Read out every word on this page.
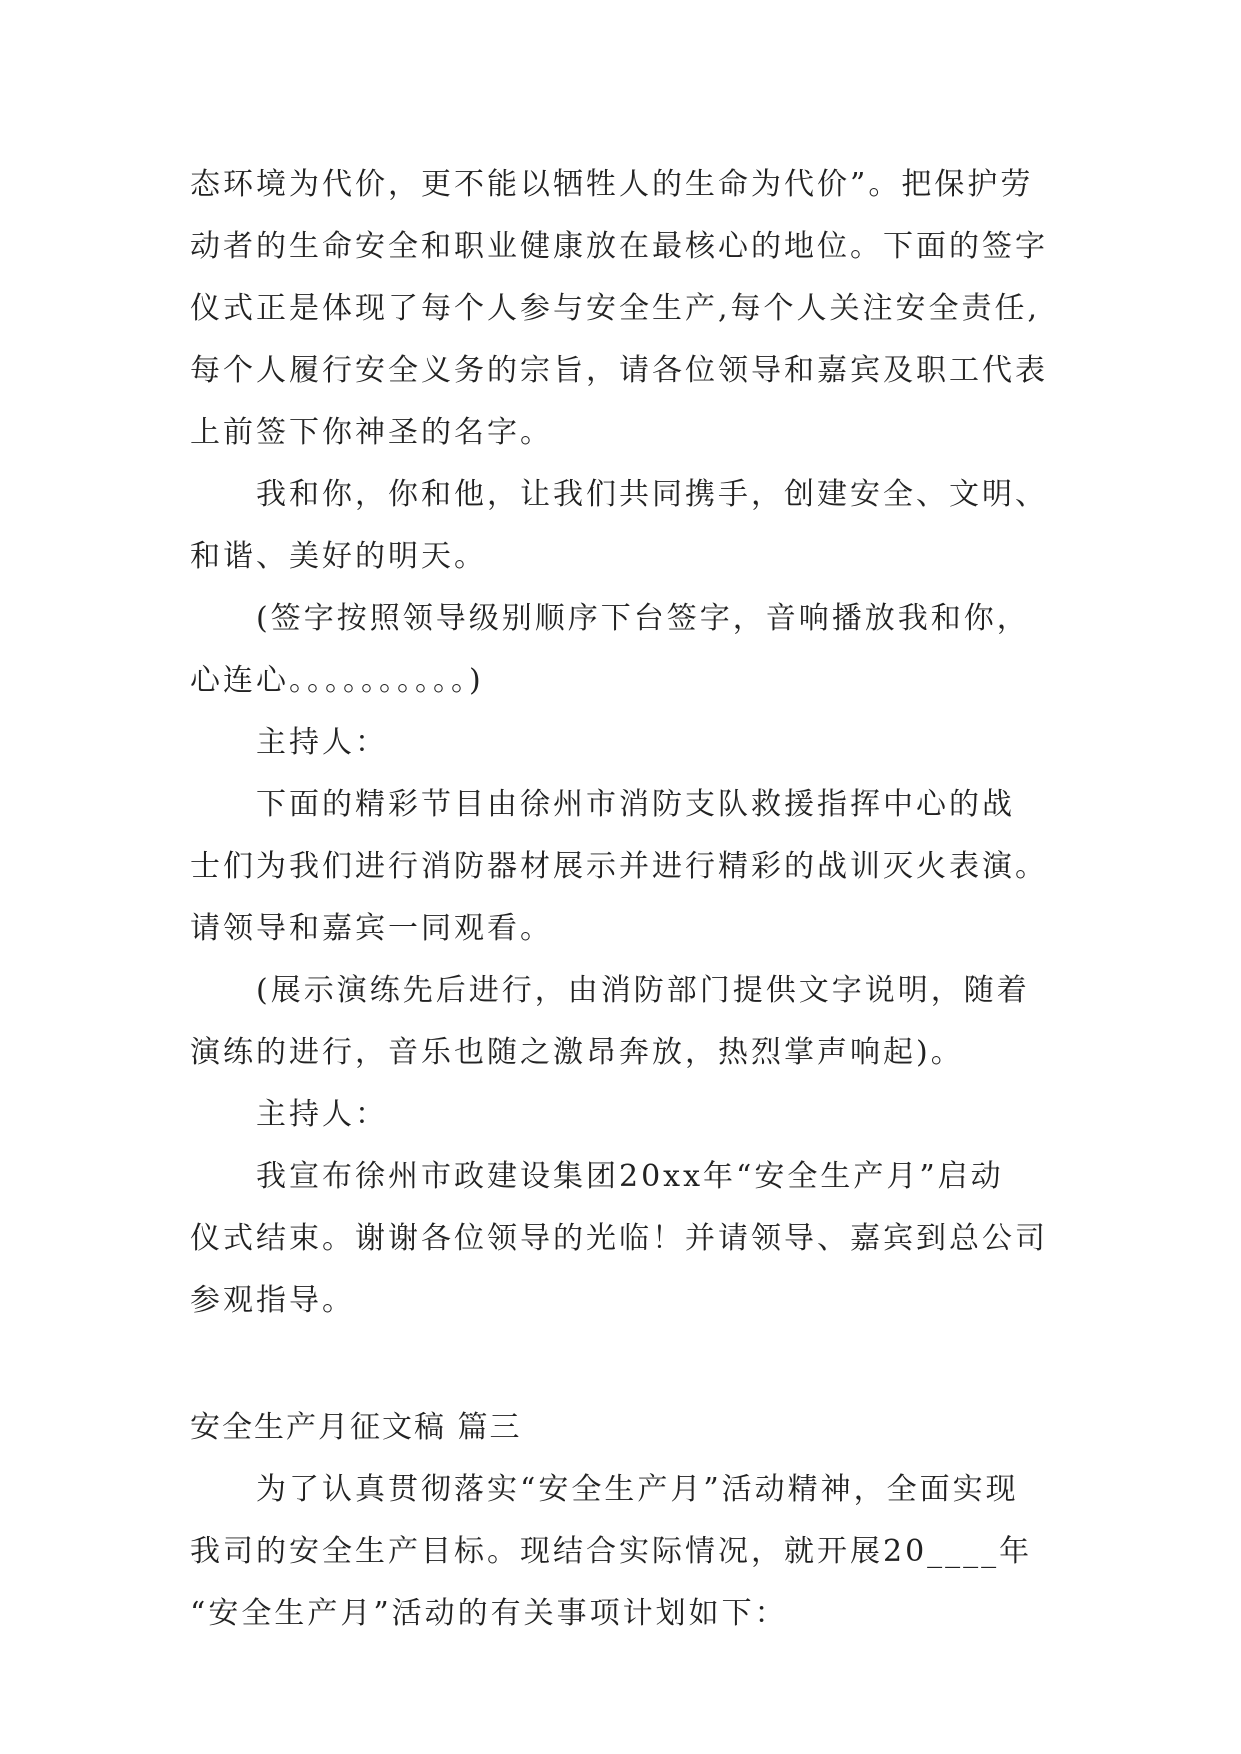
态环境为代价，更不能以牺牲人的生命为代价”。把保护劳
动者的生命安全和职业健康放在最核心的地位。下面的签字
仪式正是体现了每个人参与安全生产,每个人关注安全责任,
每个人履行安全义务的宗旨，请各位领导和嘉宾及职工代表
上前签下你神圣的名字。
我和你，你和他，让我们共同携手，创建安全、文明、
和谐、美好的明天。
(签字按照领导级别顺序下台签字，音响播放我和你，
心连心。。。。。。。。。。)
主持人：
下面的精彩节目由徐州市消防支队救援指挥中心的战
士们为我们进行消防器材展示并进行精彩的战训灭火表演。
请领导和嘉宾一同观看。
(展示演练先后进行，由消防部门提供文字说明，随着
演练的进行，音乐也随之激昂奔放，热烈掌声响起)。
主持人：
我宣布徐州市政建设集团20xx年“安全生产月”启动
仪式结束。谢谢各位领导的光临！并请领导、嘉宾到总公司
参观指导。
安全生产月征文稿 篇三
为了认真贯彻落实“安全生产月”活动精神，全面实现
我司的安全生产目标。现结合实际情况，就开展20____年
“安全生产月”活动的有关事项计划如下：
